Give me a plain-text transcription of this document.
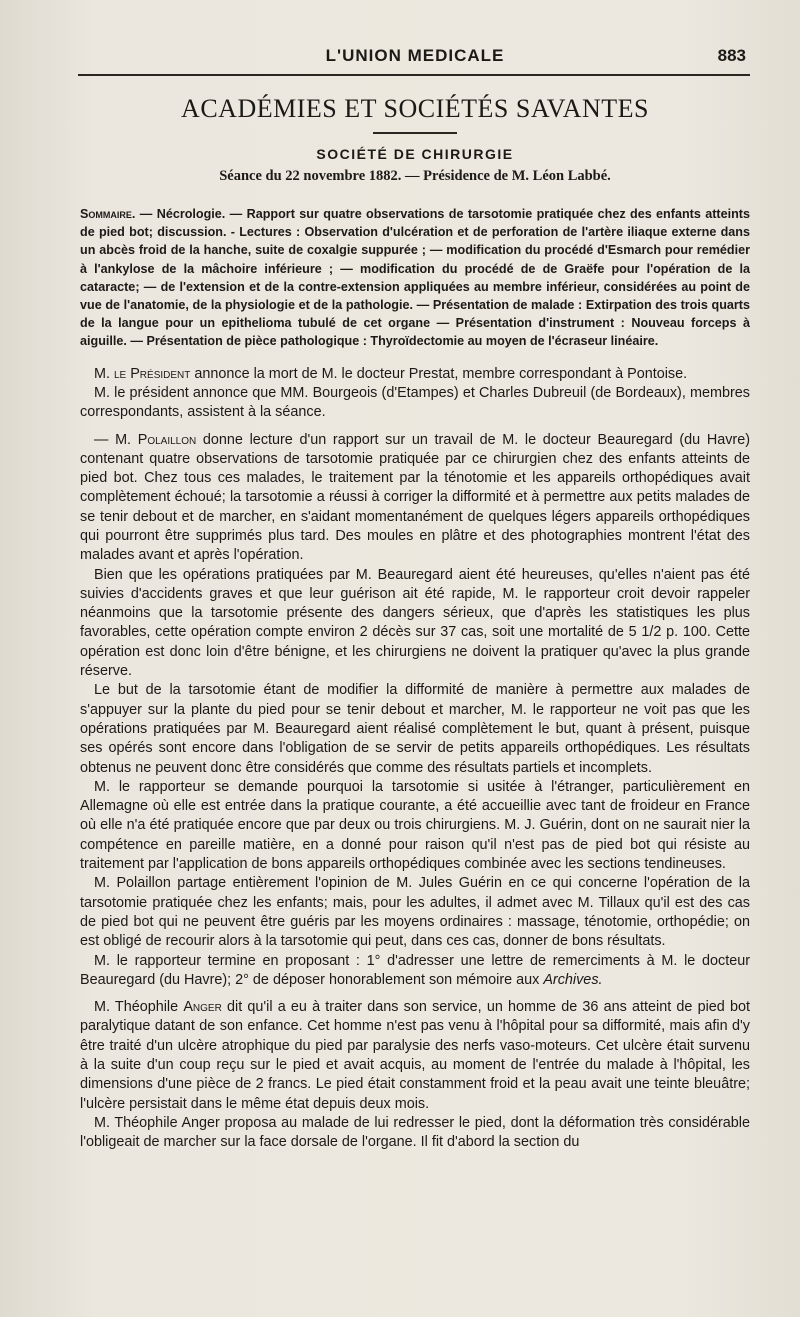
L'UNION MEDICALE	883
ACADÉMIES ET SOCIÉTÉS SAVANTES
SOCIÉTÉ DE CHIRURGIE
Séance du 22 novembre 1882. — Présidence de M. Léon Labbé.
Sommaire. — Nécrologie. — Rapport sur quatre observations de tarsotomie pratiquée chez des enfants atteints de pied bot; discussion. - Lectures : Observation d'ulcération et de perforation de l'artère iliaque externe dans un abcès froid de la hanche, suite de coxalgie suppurée ; — modification du procédé d'Esmarch pour remédier à l'ankylose de la mâchoire inférieure ; — modification du procédé de de Graëfe pour l'opération de la cataracte; — de l'extension et de la contre-extension appliquées au membre inférieur, considérées au point de vue de l'anatomie, de la physiologie et de la pathologie. — Présentation de malade : Extirpation des trois quarts de la langue pour un epithelioma tubulé de cet organe — Présentation d'instrument : Nouveau forceps à aiguille. — Présentation de pièce pathologique : Thyroïdectomie au moyen de l'écraseur linéaire.

M. le Président annonce la mort de M. le docteur Prestat, membre correspondant à Pontoise.

M. le président annonce que MM. Bourgeois (d'Etampes) et Charles Dubreuil (de Bordeaux), membres correspondants, assistent à la séance.

— M. Polaillon donne lecture d'un rapport sur un travail de M. le docteur Beauregard (du Havre) contenant quatre observations de tarsotomie pratiquée par ce chirurgien chez des enfants atteints de pied bot. Chez tous ces malades, le traitement par la ténotomie et les appareils orthopédiques avait complètement échoué; la tarsotomie a réussi à corriger la difformité et à permettre aux petits malades de se tenir debout et de marcher, en s'aidant momentanément de quelques légers appareils orthopédiques qui pourront être supprimés plus tard. Des moules en plâtre et des photographies montrent l'état des malades avant et après l'opération.

Bien que les opérations pratiquées par M. Beauregard aient été heureuses, qu'elles n'aient pas été suivies d'accidents graves et que leur guérison ait été rapide, M. le rapporteur croit devoir rappeler néanmoins que la tarsotomie présente des dangers sérieux, que d'après les statistiques les plus favorables, cette opération compte environ 2 décès sur 37 cas, soit une mortalité de 5 1/2 p. 100. Cette opération est donc loin d'être bénigne, et les chirurgiens ne doivent la pratiquer qu'avec la plus grande réserve.

Le but de la tarsotomie étant de modifier la difformité de manière à permettre aux malades de s'appuyer sur la plante du pied pour se tenir debout et marcher, M. le rapporteur ne voit pas que les opérations pratiquées par M. Beauregard aient réalisé complètement le but, quant à présent, puisque ses opérés sont encore dans l'obligation de se servir de petits appareils orthopédiques. Les résultats obtenus ne peuvent donc être considérés que comme des résultats partiels et incomplets.

M. le rapporteur se demande pourquoi la tarsotomie si usitée à l'étranger, particulièrement en Allemagne où elle est entrée dans la pratique courante, a été accueillie avec tant de froideur en France où elle n'a été pratiquée encore que par deux ou trois chirurgiens. M. J. Guérin, dont on ne saurait nier la compétence en pareille matière, en a donné pour raison qu'il n'est pas de pied bot qui résiste au traitement par l'application de bons appareils orthopédiques combinée avec les sections tendineuses.

M. Polaillon partage entièrement l'opinion de M. Jules Guérin en ce qui concerne l'opération de la tarsotomie pratiquée chez les enfants; mais, pour les adultes, il admet avec M. Tillaux qu'il est des cas de pied bot qui ne peuvent être guéris par les moyens ordinaires : massage, ténotomie, orthopédie; on est obligé de recourir alors à la tarsotomie qui peut, dans ces cas, donner de bons résultats.

M. le rapporteur termine en proposant : 1° d'adresser une lettre de remerciments à M. le docteur Beauregard (du Havre); 2° de déposer honorablement son mémoire aux Archives.

M. Théophile Anger dit qu'il a eu à traiter dans son service, un homme de 36 ans atteint de pied bot paralytique datant de son enfance. Cet homme n'est pas venu à l'hôpital pour sa difformité, mais afin d'y être traité d'un ulcère atrophique du pied par paralysie des nerfs vaso-moteurs. Cet ulcère était survenu à la suite d'un coup reçu sur le pied et avait acquis, au moment de l'entrée du malade à l'hôpital, les dimensions d'une pièce de 2 francs. Le pied était constamment froid et la peau avait une teinte bleuâtre; l'ulcère persistait dans le même état depuis deux mois.

M. Théophile Anger proposa au malade de lui redresser le pied, dont la déformation très considérable l'obligeait de marcher sur la face dorsale de l'organe. Il fit d'abord la section du
